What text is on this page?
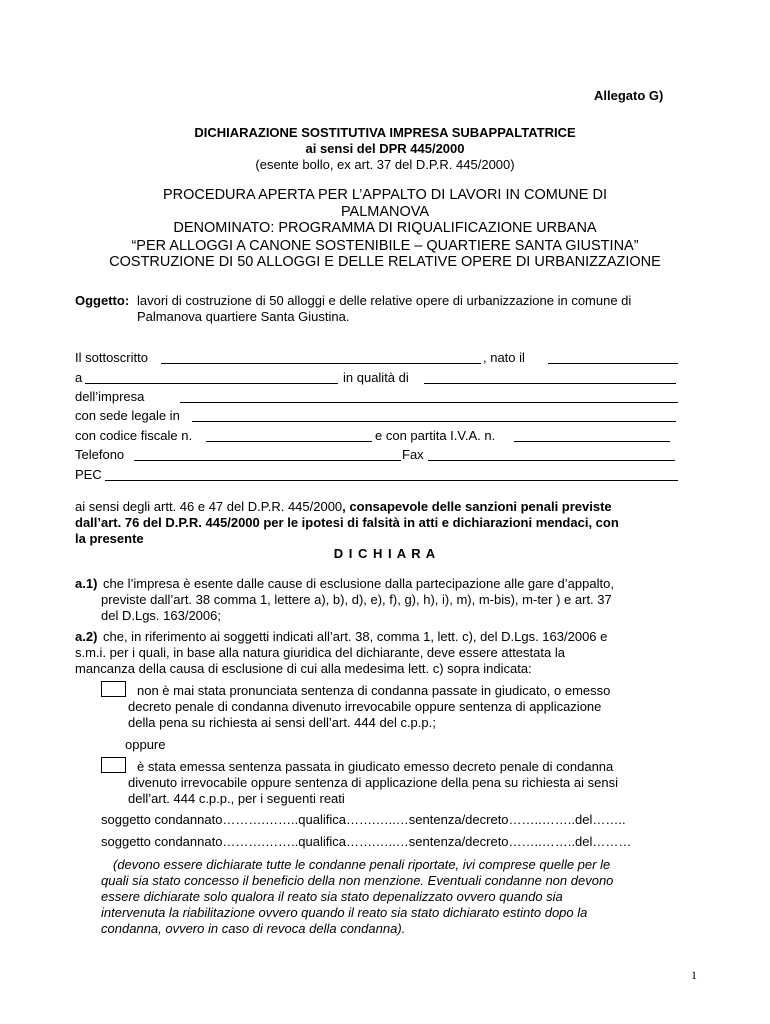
Allegato G)
DICHIARAZIONE SOSTITUTIVA IMPRESA SUBAPPALTATRICE
ai sensi del DPR 445/2000
(esente bollo, ex art. 37 del D.P.R. 445/2000)
PROCEDURA APERTA PER L’APPALTO DI LAVORI IN COMUNE DI
PALMANOVA
DENOMINATO: PROGRAMMA DI RIQUALIFICAZIONE URBANA
“PER ALLOGGI A CANONE SOSTENIBILE – QUARTIERE SANTA GIUSTINA”
COSTRUZIONE DI 50 ALLOGGI E DELLE RELATIVE OPERE DI URBANIZZAZIONE
Oggetto: lavori di costruzione di 50 alloggi e delle relative opere di urbanizzazione in comune di
Palmanova quartiere Santa Giustina.
Il sottoscritto	, nato il
a	in qualità di
dell’impresa
con sede legale in
con codice fiscale n.	e con partita I.V.A. n.
Telefono	Fax
PEC
ai sensi degli artt. 46 e 47 del D.P.R. 445/2000, consapevole delle sanzioni penali previste
dall’art. 76 del D.P.R. 445/2000 per le ipotesi di falsità in atti e dichiarazioni mendaci, con
la presente
D I C H I A R A
a.1) che l’impresa è esente dalle cause di esclusione dalla partecipazione alle gare d’appalto,
previste dall’art. 38 comma 1, lettere a), b), d), e), f), g), h), i), m), m-bis), m-ter ) e art. 37
del D.Lgs. 163/2006;
a.2) che, in riferimento ai soggetti indicati all’art. 38, comma 1, lett. c), del D.Lgs. 163/2006 e
s.m.i. per i quali, in base alla natura giuridica del dichiarante, deve essere attestata la
mancanza della causa di esclusione di cui alla medesima lett. c) sopra indicata:
non è mai stata pronunciata sentenza di condanna passate in giudicato, o emesso
decreto penale di condanna divenuto irrevocabile oppure sentenza di applicazione
della pena su richiesta ai sensi dell’art. 444 del c.p.p.;
oppure
è stata emessa sentenza passata in giudicato emesso decreto penale di condanna
divenuto irrevocabile oppure sentenza di applicazione della pena su richiesta ai sensi
dell’art. 444 c.p.p., per i seguenti reati
soggetto condannato……….……..qualifica…….…..…sentenza/decreto……..……..del……..
soggetto condannato……….……..qualifica…….…..…sentenza/decreto……..……..del………
(devono essere dichiarate tutte le condanne penali riportate, ivi comprese quelle per le
quali sia stato concesso il beneficio della non menzione. Eventuali condanne non devono
essere dichiarate solo qualora il reato sia stato depenalizzato ovvero quando sia
intervenuta la riabilitazione ovvero quando il reato sia stato dichiarato estinto dopo la
condanna, ovvero in caso di revoca della condanna).
1
